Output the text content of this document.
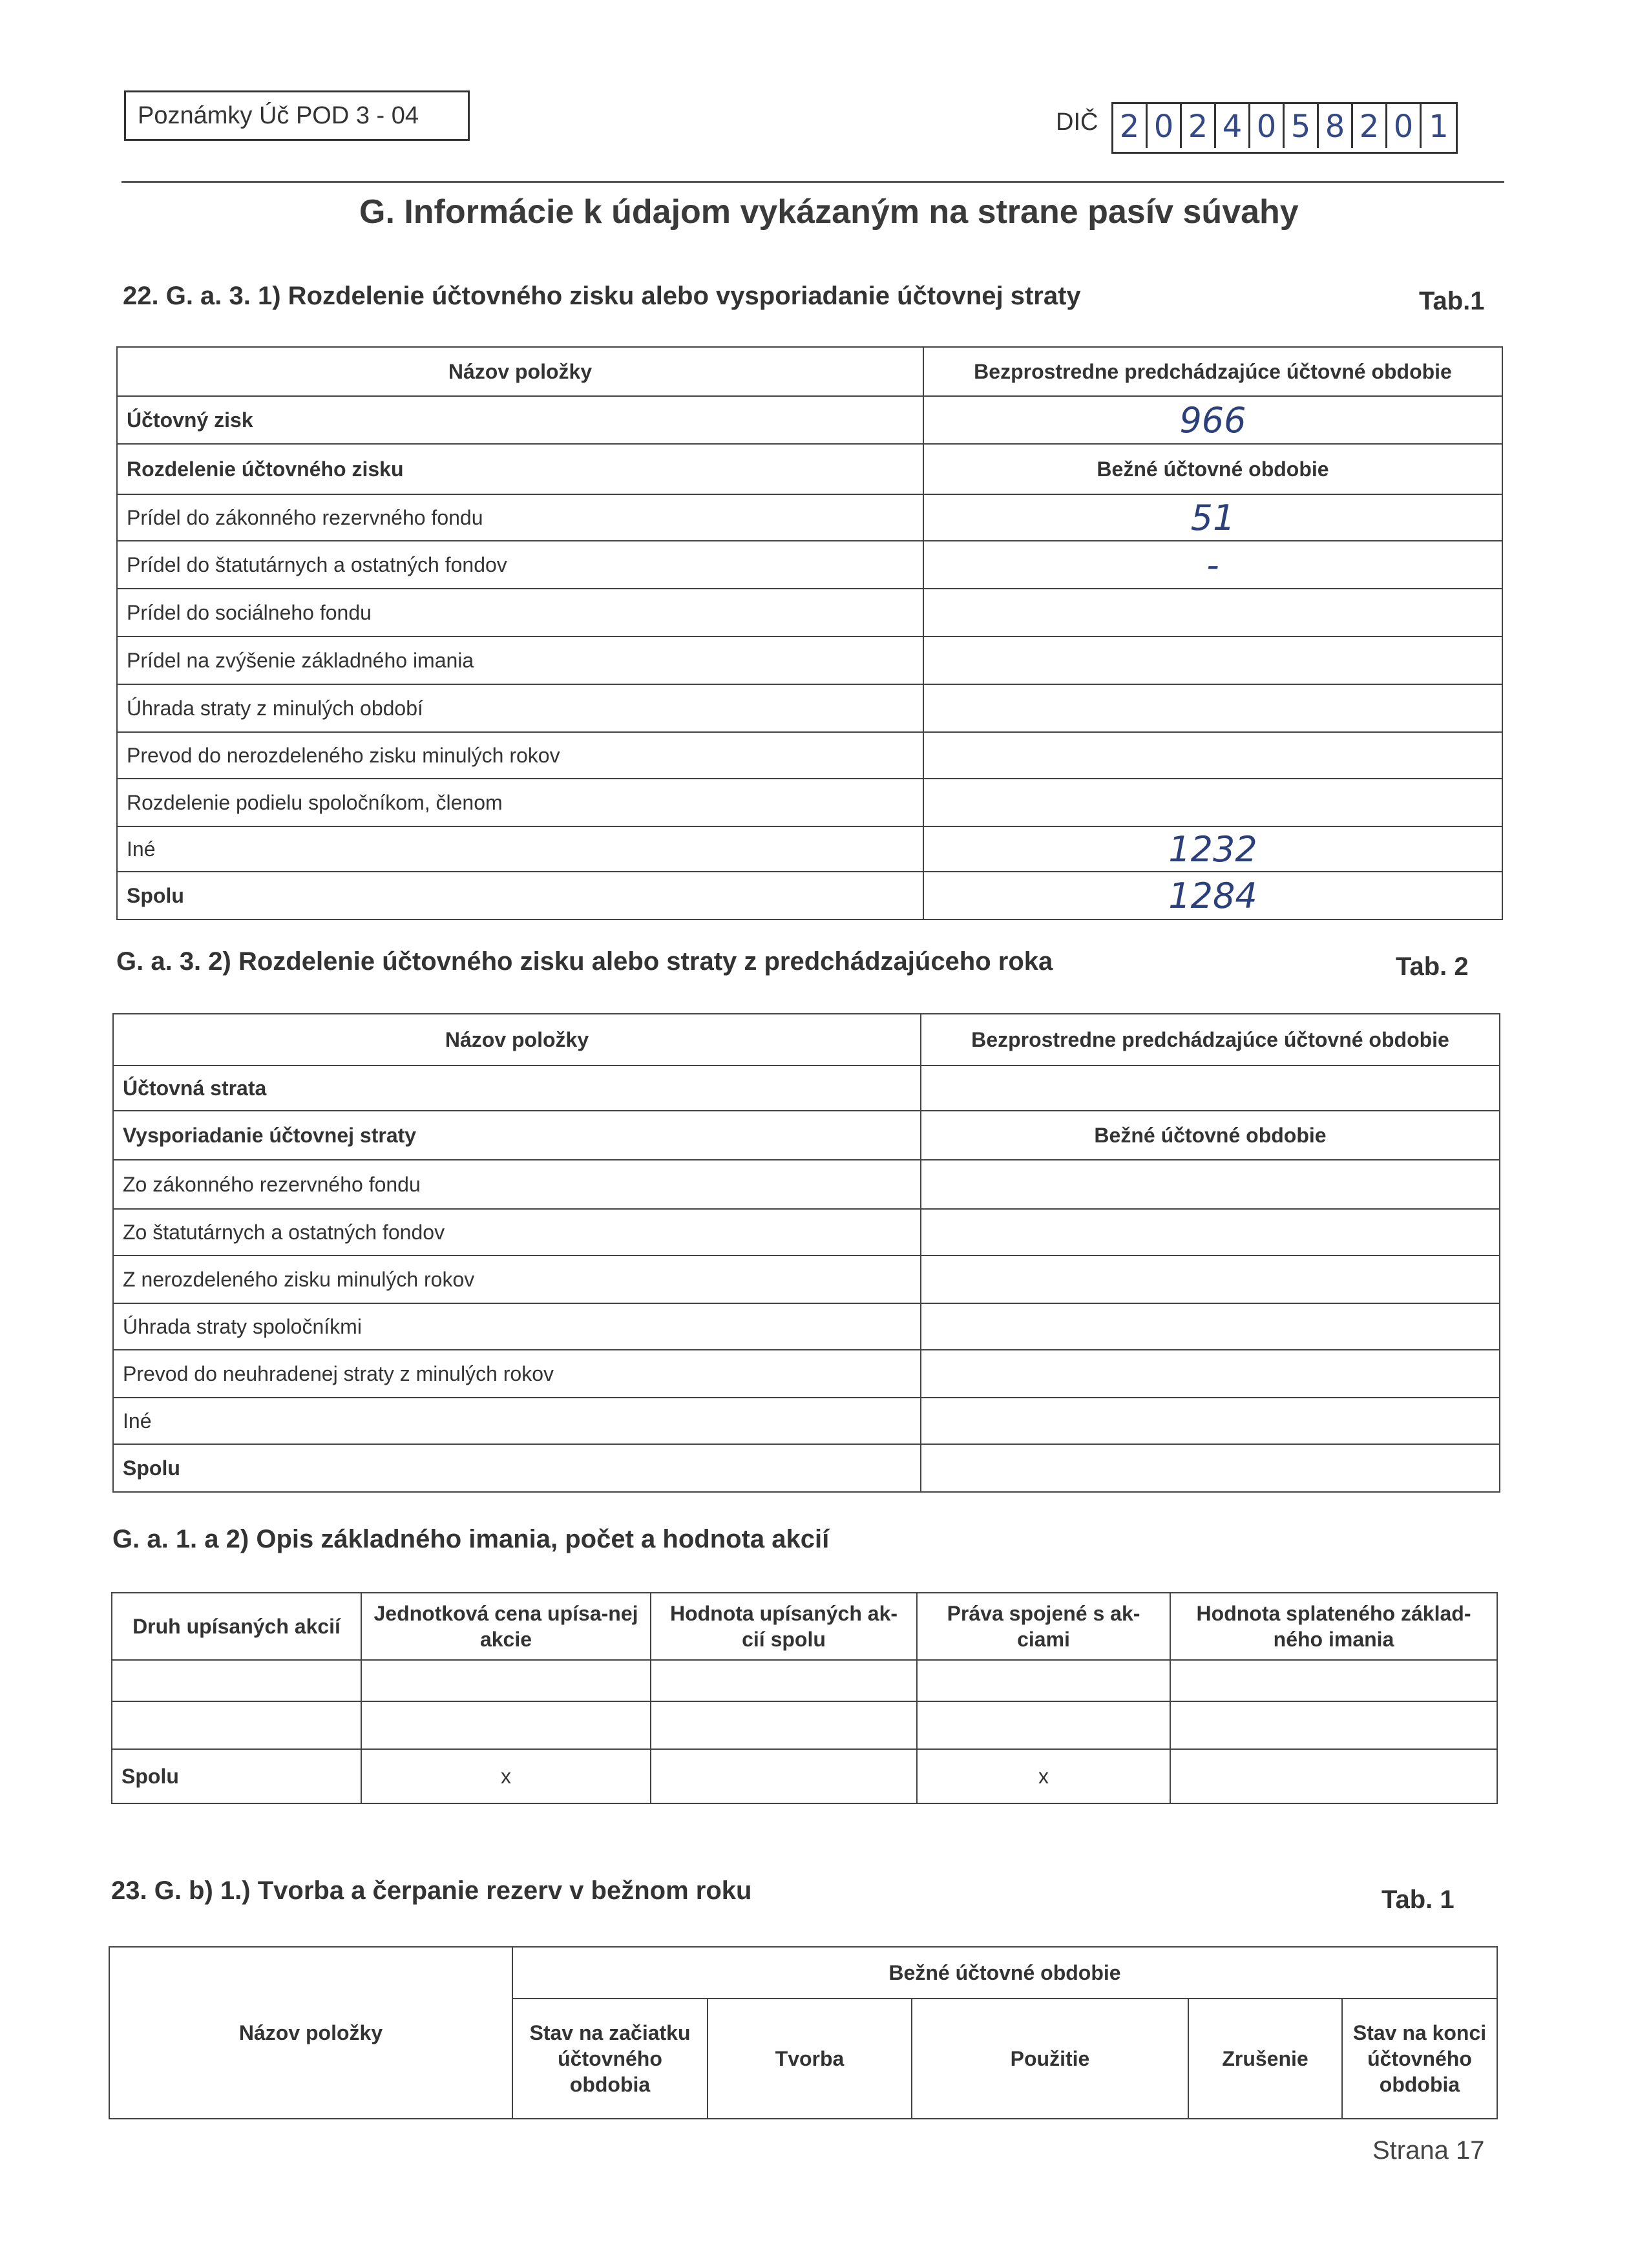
Poznámky Úč POD 3 - 04	DIČ 2 0 2 4 0 5 8 2 0 1
G. Informácie k údajom vykázaným na strane pasív súvahy
22. G. a. 3. 1) Rozdelenie účtovného zisku alebo vysporiadanie účtovnej straty	Tab.1
Názov položky	Bezprostredne predchádzajúce účtovné obdobie
Účtovný zisk	966
Rozdelenie účtovného zisku	Bežné účtovné obdobie
Prídel do zákonného rezervného fondu	51
Prídel do štatutárnych a ostatných fondov	-
Prídel do sociálneho fondu	
Prídel na zvýšenie základného imania	
Úhrada straty z minulých období	
Prevod do nerozdeleného zisku minulých rokov	
Rozdelenie podielu spoločníkom, členom	
Iné	1232
Spolu	1284
G. a. 3. 2) Rozdelenie účtovného zisku alebo straty z predchádzajúceho roka	Tab. 2
Názov položky	Bezprostredne predchádzajúce účtovné obdobie
Účtovná strata	
Vysporiadanie účtovnej straty	Bežné účtovné obdobie
Zo zákonného rezervného fondu	
Zo štatutárnych a ostatných fondov	
Z nerozdeleného zisku minulých rokov	
Úhrada straty spoločníkmi	
Prevod do neuhradenej straty z minulých rokov	
Iné	
Spolu	
G. a. 1. a 2) Opis základného imania, počet a hodnota akcií
Druh upísaných akcií	Jednotková cena upísa-nej akcie	Hodnota upísaných ak-cií spolu	Práva spojené s ak-ciami	Hodnota splateného základ-ného imania

Spolu	x		x	
23. G. b) 1.) Tvorba a čerpanie rezerv v bežnom roku	Tab. 1
Názov položky	Bežné účtovné obdobie				
	Stav na začiatku účtovného obdobia	Tvorba	Použitie	Zrušenie	Stav na konci účtovného obdobia
Strana 17
